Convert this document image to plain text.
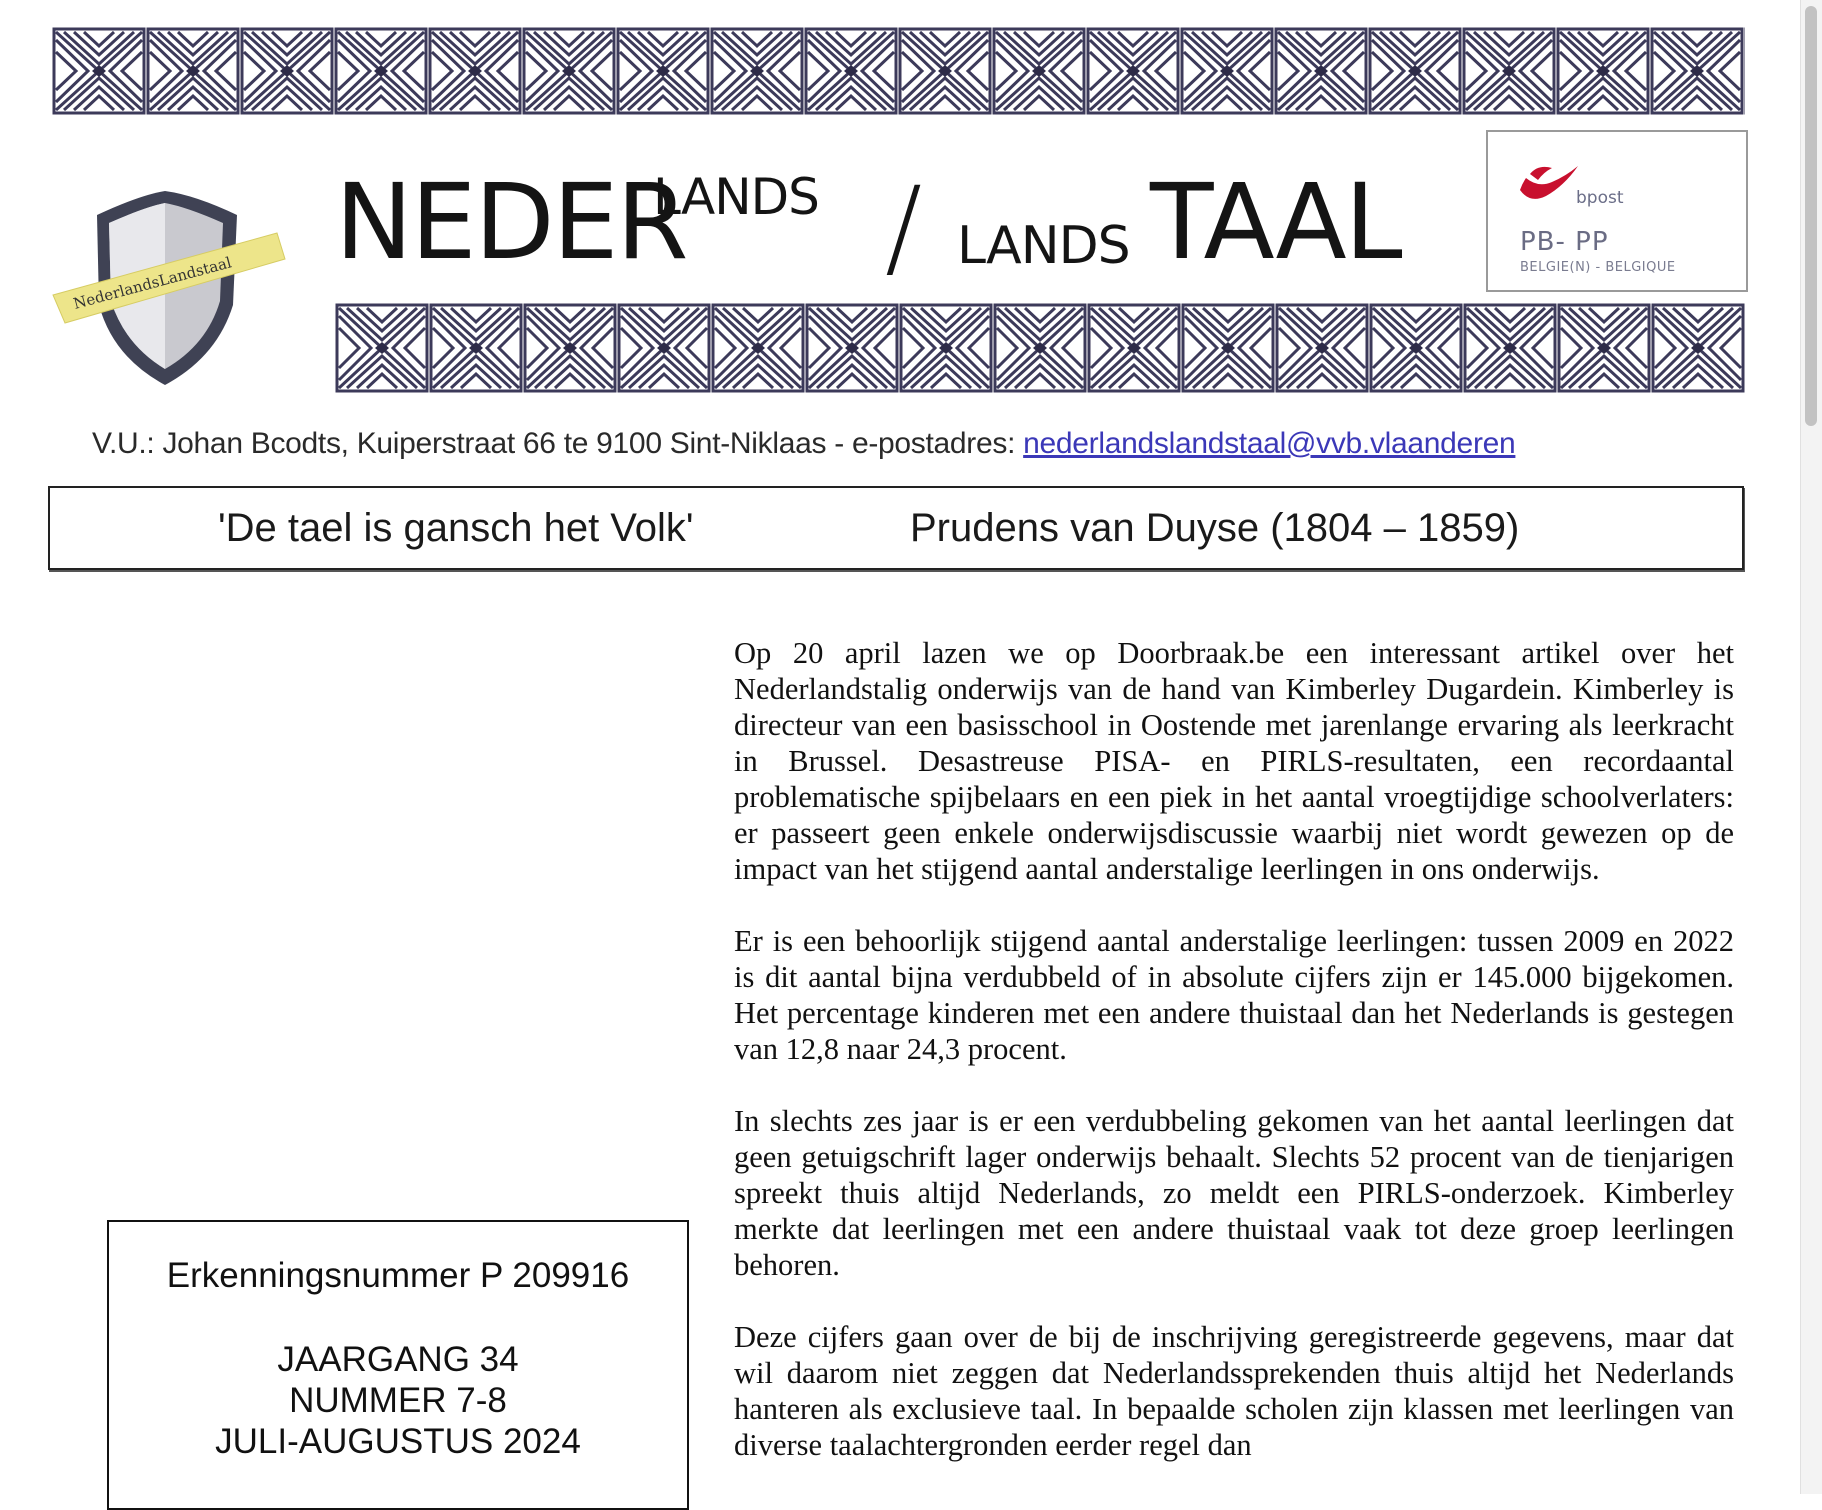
NederlandsLandstaal
NEDER
LANDS / LANDS TAAL	bpost
PB- PP
BELGIE(N) - BELGIQUE
V.U.: Johan Bcodts, Kuiperstraat 66 te 9100 Sint-Niklaas - e-postadres: nederlandslandstaal@vvb.vlaanderen
'De tael is gansch het Volk'	Prudens van Duyse (1804 – 1859)

Op 20 april lazen we op Doorbraak.be een interessant artikel over het Nederlandstalig onderwijs van de hand van Kimberley Dugardein. Kimberley is directeur van een basisschool in Oostende met jarenlange ervaring als leerkracht in Brussel. Desastreuse PISA- en PIRLS-resultaten, een recordaantal problematische spijbelaars en een piek in het aantal vroegtijdige schoolverlaters: er passeert geen enkele onderwijsdiscussie waarbij niet wordt gewezen op de impact van het stijgend aantal anderstalige leerlingen in ons onderwijs.

Er is een behoorlijk stijgend aantal anderstalige leerlingen: tussen 2009 en 2022 is dit aantal bijna verdubbeld of in absolute cijfers zijn er 145.000 bijgekomen. Het percentage kinderen met een andere thuistaal dan het Nederlands is gestegen van 12,8 naar 24,3 procent.

In slechts zes jaar is er een verdubbeling gekomen van het aantal leerlingen dat geen getuigschrift lager onderwijs behaalt. Slechts 52 procent van de tienjarigen spreekt thuis altijd Nederlands, zo meldt een PIRLS-onderzoek. Kimberley merkte dat leerlingen met een andere thuistaal vaak tot deze groep leerlingen behoren.

Deze cijfers gaan over de bij de inschrijving geregistreerde gegevens, maar dat wil daarom niet zeggen dat Nederlandssprekenden thuis altijd het Nederlands hanteren als exclusieve taal. In bepaalde scholen zijn klassen met leerlingen van diverse taalachtergronden eerder regel dan

Erkenningsnummer P 209916
JAARGANG 34
NUMMER 7-8
JULI-AUGUSTUS 2024
